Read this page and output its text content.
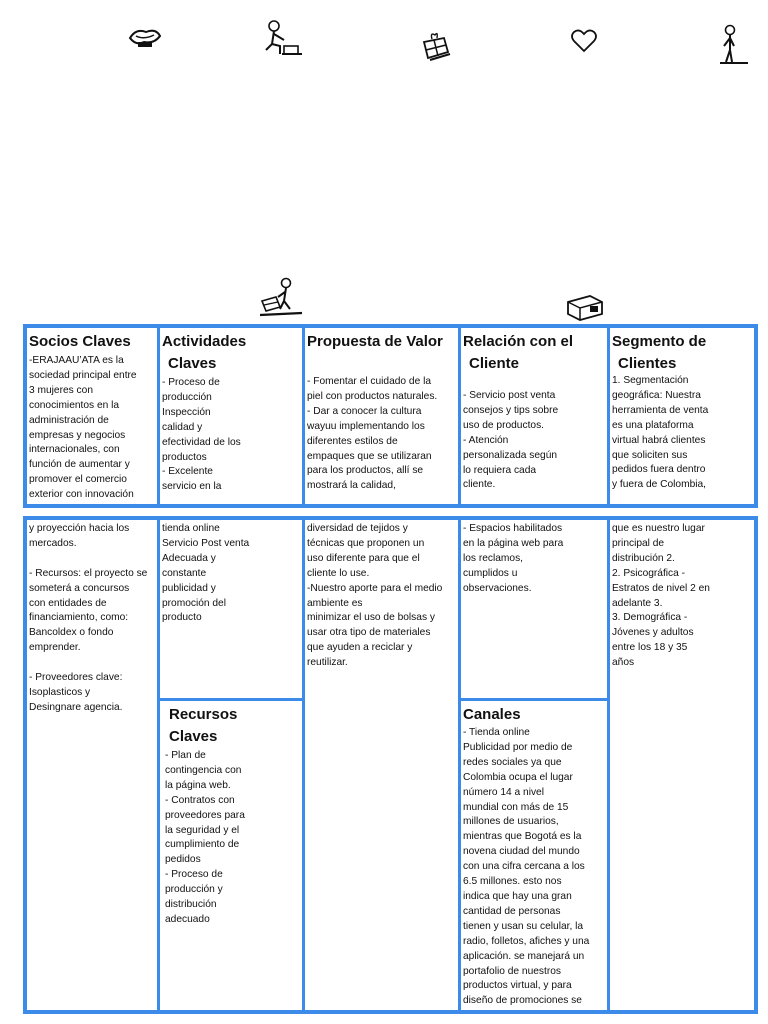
Socios Claves

-ERAJAAU’ATA es la
sociedad principal entre
3 mujeres con
conocimientos en la
administración de
empresas y negocios
internacionales, con
función de aumentar y
promover el comercio
exterior con innovación

Actividades

Claves

- Proceso de
producción
Inspección
calidad y
efectividad de los
productos
- Excelente
servicio en la

Propuesta de Valor

- Fomentar el cuidado de la
piel con productos naturales.
- Dar a conocer la cultura
wayuu implementando los
diferentes estilos de
empaques que se utilizaran
para los productos, allí se
mostrará la calidad,

Relación con el

Cliente

- Servicio post venta
consejos y tips sobre
uso de productos.
- Atención
personalizada según
lo requiera cada
cliente.

Segmento de

Clientes

1. Segmentación
geográfica: Nuestra
herramienta de venta
es una plataforma
virtual habrá clientes
que soliciten sus
pedidos fuera dentro
y fuera de Colombia,

y proyección hacia los
mercados.

- Recursos: el proyecto se
someterá a concursos
con entidades de
financiamiento, como:
Bancoldex o fondo
emprender.

- Proveedores clave:
Isoplasticos y
Desingnare agencia.

tienda online
Servicio Post venta
Adecuada y
constante
publicidad y
promoción del
producto

diversidad de tejidos y
técnicas que proponen un
uso diferente para que el
cliente lo use.
-Nuestro aporte para el medio
ambiente es
minimizar el uso de bolsas y
usar otra tipo de materiales
que ayuden a reciclar y
reutilizar.

- Espacios habilitados
en la página web para
los reclamos,
cumplidos u
observaciones.

que es nuestro lugar
principal de
distribución 2.
2. Psicográfica -
Estratos de nivel 2 en
adelante 3.
3. Demográfica -
Jóvenes y adultos
entre los 18 y 35
años

Recursos

Claves

- Plan de
contingencia con
la página web.
- Contratos con
proveedores para
la seguridad y el
cumplimiento de
pedidos
- Proceso de
producción y
distribución
adecuado

Canales

- Tienda online
Publicidad por medio de
redes sociales ya que
Colombia ocupa el lugar
número 14 a nivel
mundial con más de 15
millones de usuarios,
mientras que Bogotá es la
novena ciudad del mundo
con una cifra cercana a los
6.5 millones. esto nos
indica que hay una gran
cantidad de personas
tienen y usan su celular, la
radio, folletos, afiches y una
aplicación. se manejará un
portafolio de nuestros
productos virtual, y para
diseño de promociones se
